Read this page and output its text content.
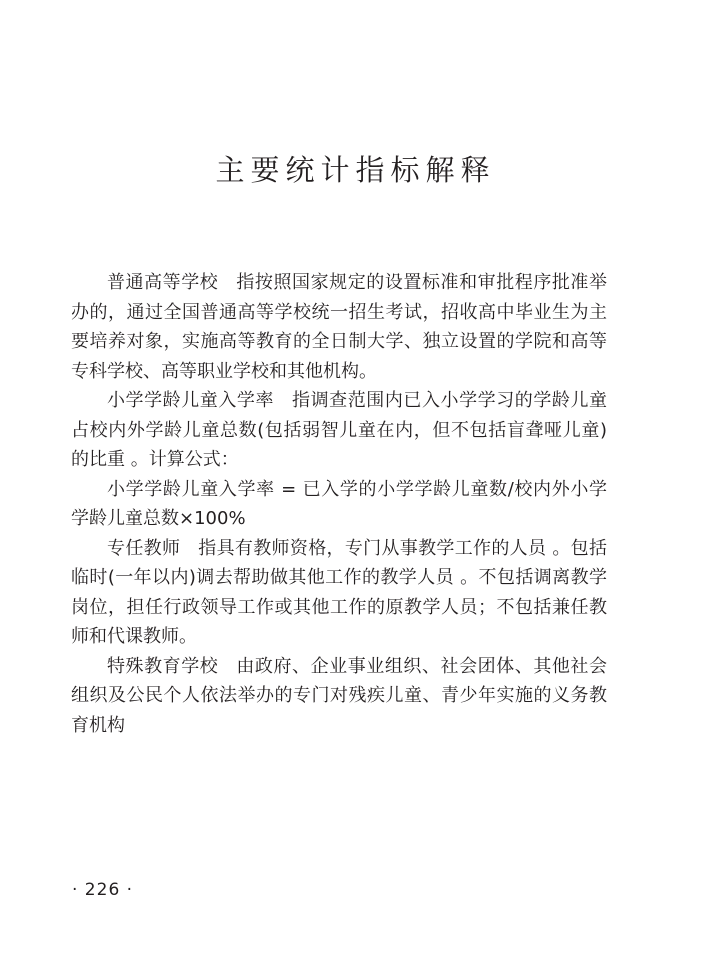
主要统计指标解释

普通高等学校 指按照国家规定的设置标准和审批程序批准举办的，通过全国普通高等学校统一招生考试，招收高中毕业生为主要培养对象，实施高等教育的全日制大学、独立设置的学院和高等专科学校、高等职业学校和其他机构。

小学学龄儿童入学率 指调查范围内已入小学学习的学龄儿童占校内外学龄儿童总数(包括弱智儿童在内，但不包括盲聋哑儿童)的比重 。计算公式：

小学学龄儿童入学率 = 已入学的小学学龄儿童数/校内外小学学龄儿童总数×100%

专任教师 指具有教师资格，专门从事教学工作的人员 。包括临时(一年以内)调去帮助做其他工作的教学人员 。不包括调离教学岗位，担任行政领导工作或其他工作的原教学人员；不包括兼任教师和代课教师。

特殊教育学校 由政府、企业事业组织、社会团体、其他社会组织及公民个人依法举办的专门对残疾儿童、青少年实施的义务教育机构

· 226 ·
